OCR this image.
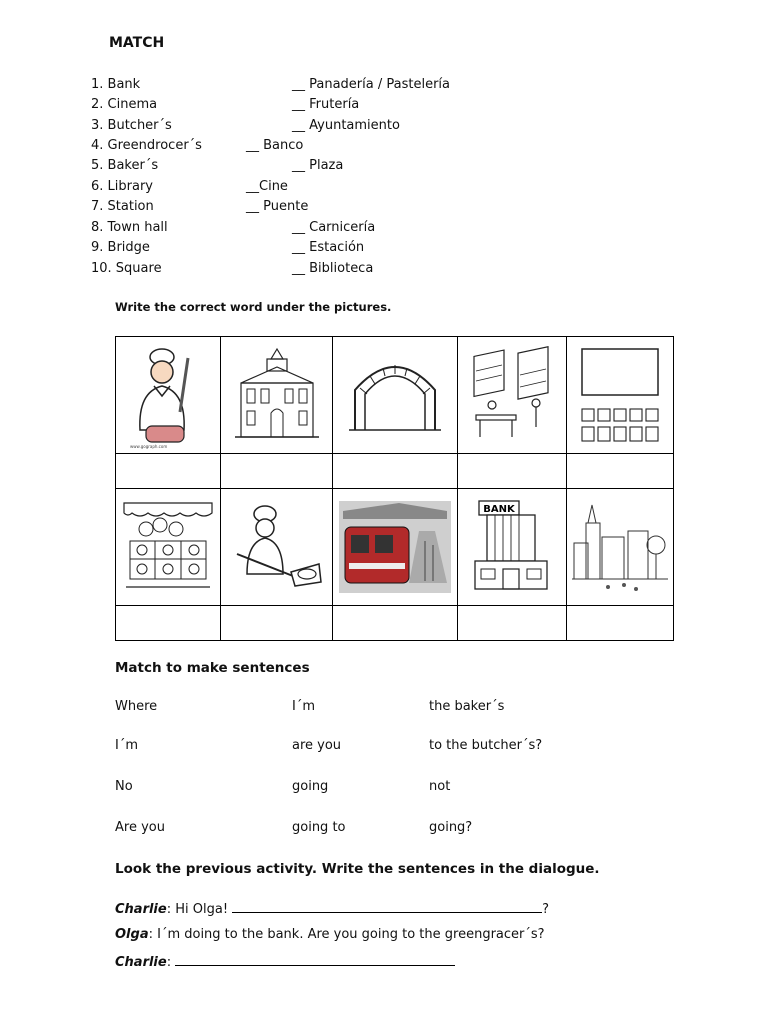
MATCH
1. Bank
2. Cinema
3. Butcher´s
4. Greendrocer´s
5. Baker´s
6. Library
7. Station
8. Town hall
9. Bridge
10. Square
__ Panadería / Pastelería
__ Frutería
__ Ayuntamiento
__ Banco
__ Plaza
__Cine
__ Puente
__ Carnicería
__ Estación
__ Biblioteca
Write the correct word under the pictures.
www.gograph.com

BANK

Match to make sentences
Where	I´m	the baker´s
I´m	are you	to the butcher´s?
No	going	not
Are you	going to	going?
Look the previous activity. Write the sentences in the dialogue.
Charlie: Hi Olga!	?
Olga: I´m doing to the bank. Are you going to the greengracer´s?
Charlie:
